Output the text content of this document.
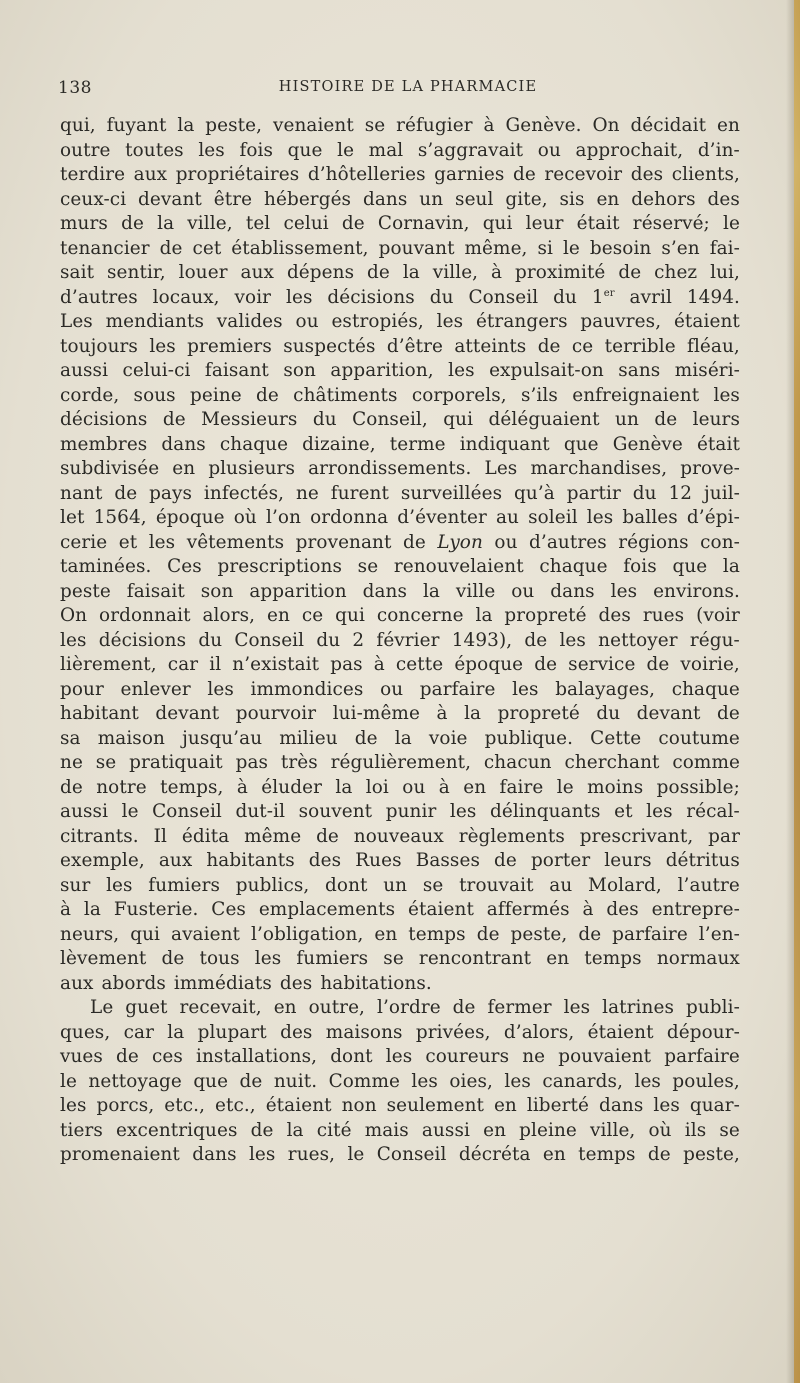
138	HISTOIRE DE LA PHARMACIE
qui, fuyant la peste, venaient se réfugier à Genève. On décidait en
outre toutes les fois que le mal s’aggravait ou approchait, d’in-
terdire aux propriétaires d’hôtelleries garnies de recevoir des clients,
ceux-ci devant être hébergés dans un seul gite, sis en dehors des
murs de la ville, tel celui de Cornavin, qui leur était réservé; le
tenancier de cet établissement, pouvant même, si le besoin s’en fai-
sait sentir, louer aux dépens de la ville, à proximité de chez lui,
d’autres locaux, voir les décisions du Conseil du 1er avril 1494.
Les mendiants valides ou estropiés, les étrangers pauvres, étaient
toujours les premiers suspectés d’être atteints de ce terrible fléau,
aussi celui-ci faisant son apparition, les expulsait-on sans miséri-
corde, sous peine de châtiments corporels, s’ils enfreignaient les
décisions de Messieurs du Conseil, qui déléguaient un de leurs
membres dans chaque dizaine, terme indiquant que Genève était
subdivisée en plusieurs arrondissements. Les marchandises, prove-
nant de pays infectés, ne furent surveillées qu’à partir du 12 juil-
let 1564, époque où l’on ordonna d’éventer au soleil les balles d’épi-
cerie et les vêtements provenant de Lyon ou d’autres régions con-
taminées. Ces prescriptions se renouvelaient chaque fois que la
peste faisait son apparition dans la ville ou dans les environs.
On ordonnait alors, en ce qui concerne la propreté des rues (voir
les décisions du Conseil du 2 février 1493), de les nettoyer régu-
lièrement, car il n’existait pas à cette époque de service de voirie,
pour enlever les immondices ou parfaire les balayages, chaque
habitant devant pourvoir lui-même à la propreté du devant de
sa maison jusqu’au milieu de la voie publique. Cette coutume
ne se pratiquait pas très régulièrement, chacun cherchant comme
de notre temps, à éluder la loi ou à en faire le moins possible;
aussi le Conseil dut-il souvent punir les délinquants et les récal-
citrants. Il édita même de nouveaux règlements prescrivant, par
exemple, aux habitants des Rues Basses de porter leurs détritus
sur les fumiers publics, dont un se trouvait au Molard, l’autre
à la Fusterie. Ces emplacements étaient affermés à des entrepre-
neurs, qui avaient l’obligation, en temps de peste, de parfaire l’en-
lèvement de tous les fumiers se rencontrant en temps normaux
aux abords immédiats des habitations.
Le guet recevait, en outre, l’ordre de fermer les latrines publi-
ques, car la plupart des maisons privées, d’alors, étaient dépour-
vues de ces installations, dont les coureurs ne pouvaient parfaire
le nettoyage que de nuit. Comme les oies, les canards, les poules,
les porcs, etc., etc., étaient non seulement en liberté dans les quar-
tiers excentriques de la cité mais aussi en pleine ville, où ils se
promenaient dans les rues, le Conseil décréta en temps de peste,
